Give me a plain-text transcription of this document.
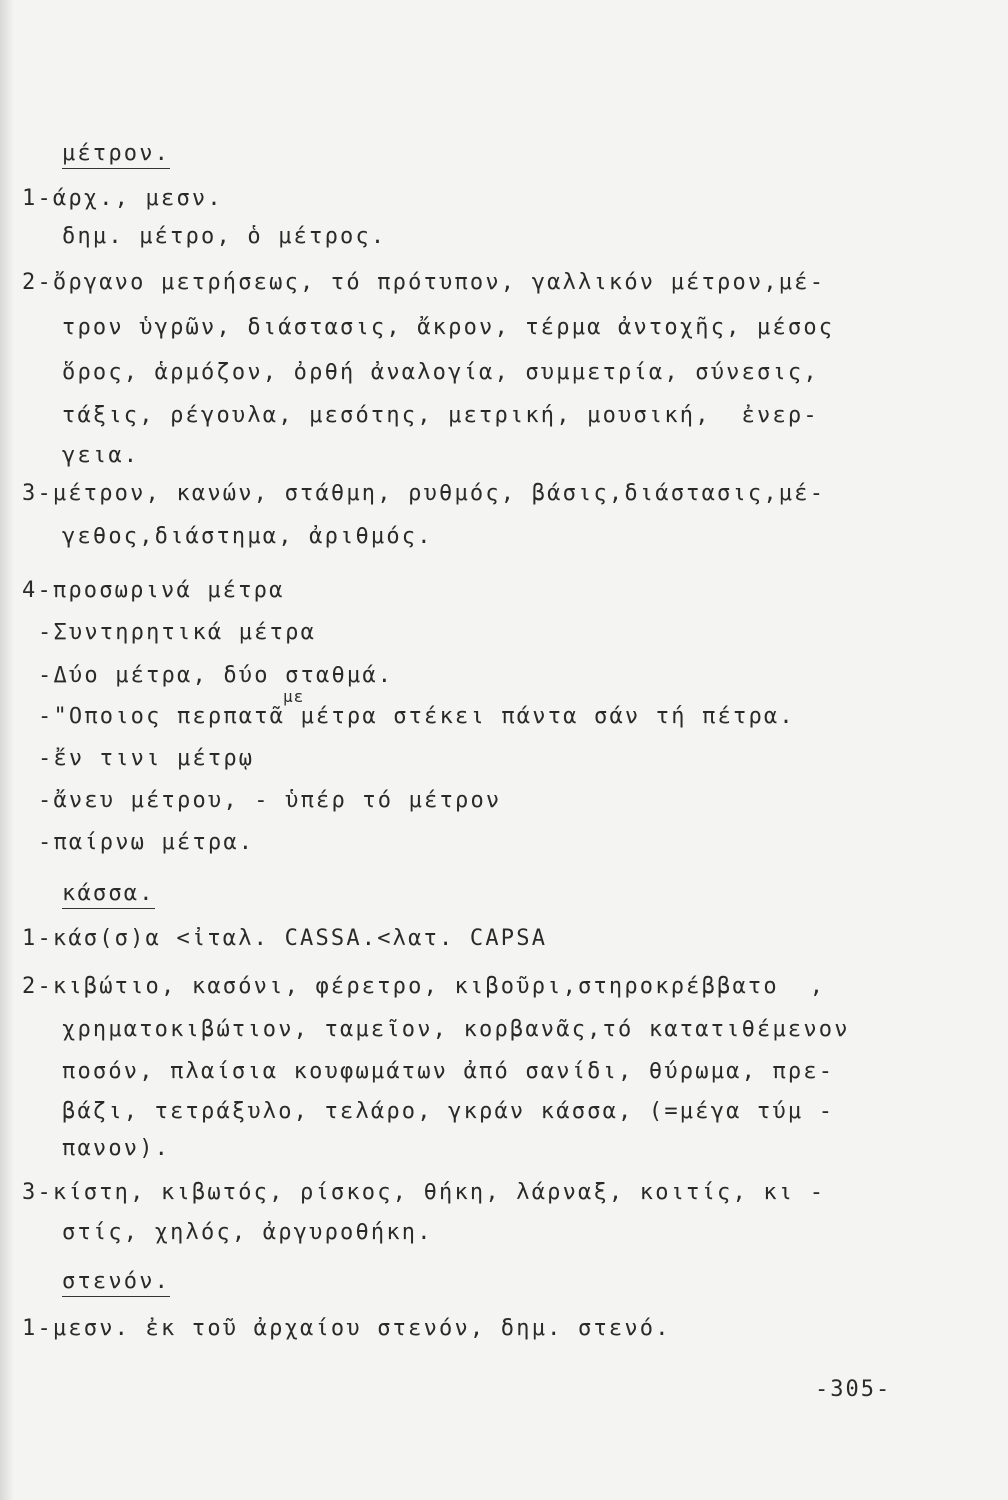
μέτρον.
1-άρχ., μεσν.
δημ. μέτρο, ὁ μέτρος.
2-ὄργανο μετρήσεως, τό πρότυπον, γαλλικόν μέτρον,μέ-
τρον ὑγρῶν, διάστασις, ἄκρον, τέρμα ἀντοχῆς, μέσος
ὅρος, ἁρμόζον, ὀρθή ἀναλογία, συμμετρία, σύνεσις,
τάξις, ρέγουλα, μεσότης, μετρική, μουσική,  ἐνερ-
γεια.
3-μέτρον, κανών, στάθμη, ρυθμός, βάσις,διάστασις,μέ-
γεθος,διάστημα, ἀριθμός.
4-προσωρινά μέτρα
-Συντηρητικά μέτρα
-Δύο μέτρα, δύο σταθμά.
με
-"Οποιος περπατᾶ μέτρα στέκει πάντα σάν τή πέτρα.
-ἔν τινι μέτρῳ
-ἄνευ μέτρου, - ὑπέρ τό μέτρον
-παίρνω μέτρα.
κάσσα.
1-κάσ(σ)α <ἰταλ. CASSA.<λατ. CAPSA
2-κιβώτιο, κασόνι, φέρετρο, κιβοῦρι,στηροκρέββατο  ,
χρηματοκιβώτιον, ταμεῖον, κορβανᾶς,τό κατατιθέμενον
ποσόν, πλαίσια κουφωμάτων ἀπό σανίδι, θύρωμα, πρε-
βάζι, τετράξυλο, τελάρο, γκράν κάσσα, (=μέγα τύμ -
πανον).
3-κίστη, κιβωτός, ρίσκος, θήκη, λάρναξ, κοιτίς, κι -
στίς, χηλός, ἀργυροθήκη.
στενόν.
1-μεσν. ἐκ τοῦ ἀρχαίου στενόν, δημ. στενό.
-305-
